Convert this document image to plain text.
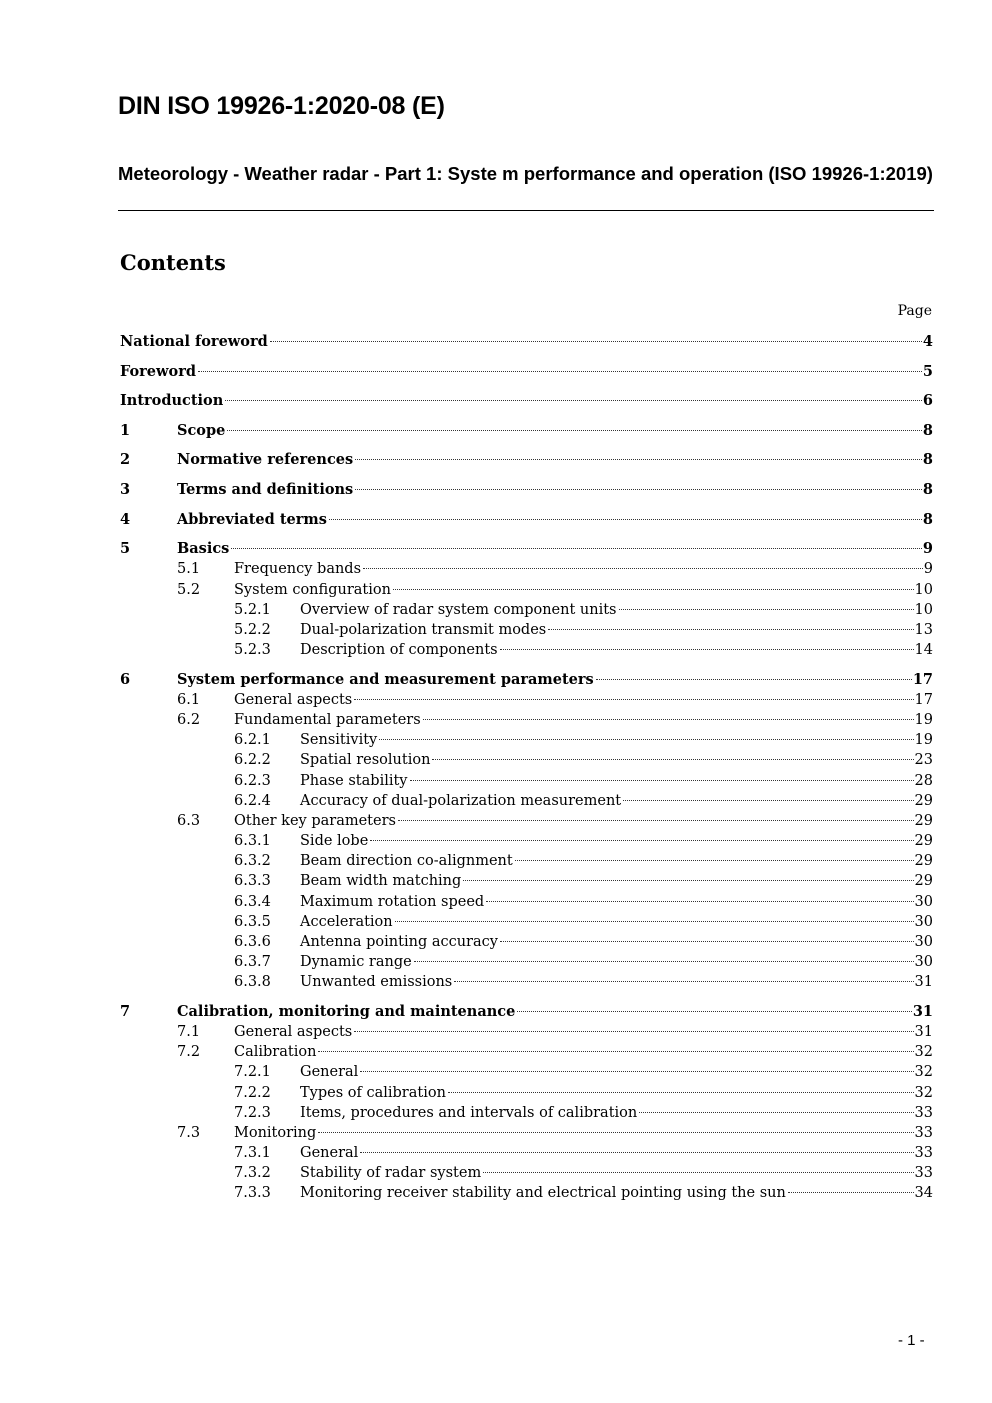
DIN ISO 19926-1:2020-08 (E)
Meteorology - Weather radar - Part 1: Syste m performance and operation (ISO 19926-1:2019)
Contents
Page
National foreword	4
Foreword	5
Introduction	6
1	Scope	8
2	Normative references	8
3	Terms and definitions	8
4	Abbreviated terms	8
5	Basics	9
5.1	Frequency bands	9
5.2	System configuration	10
5.2.1	Overview of radar system component units	10
5.2.2	Dual-polarization transmit modes	13
5.2.3	Description of components	14
6	System performance and measurement parameters	17
6.1	General aspects	17
6.2	Fundamental parameters	19
6.2.1	Sensitivity	19
6.2.2	Spatial resolution	23
6.2.3	Phase stability	28
6.2.4	Accuracy of dual-polarization measurement	29
6.3	Other key parameters	29
6.3.1	Side lobe	29
6.3.2	Beam direction co-alignment	29
6.3.3	Beam width matching	29
6.3.4	Maximum rotation speed	30
6.3.5	Acceleration	30
6.3.6	Antenna pointing accuracy	30
6.3.7	Dynamic range	30
6.3.8	Unwanted emissions	31
7	Calibration, monitoring and maintenance	31
7.1	General aspects	31
7.2	Calibration	32
7.2.1	General	32
7.2.2	Types of calibration	32
7.2.3	Items, procedures and intervals of calibration	33
7.3	Monitoring	33
7.3.1	General	33
7.3.2	Stability of radar system	33
7.3.3	Monitoring receiver stability and electrical pointing using the sun	34
- 1 -
